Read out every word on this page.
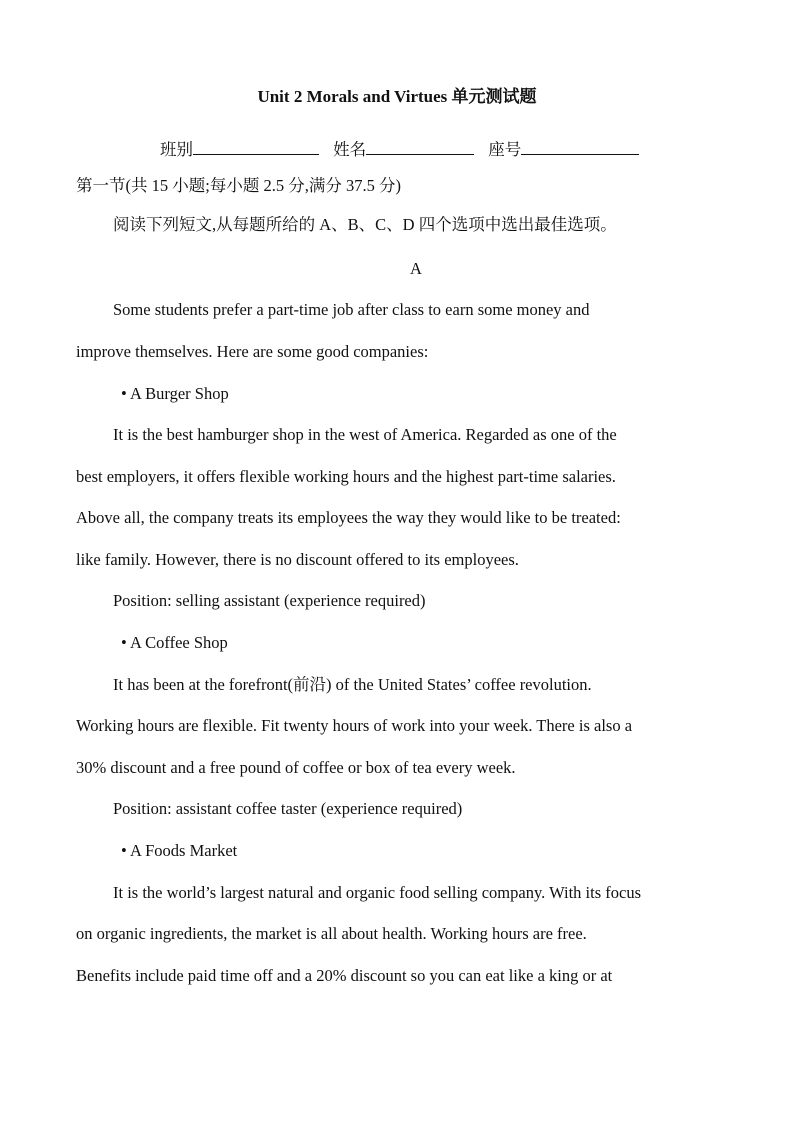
Unit 2 Morals and Virtues 单元测试题
班别	姓名	座号
第一节(共 15 小题;每小题 2.5 分,满分 37.5 分)
阅读下列短文,从每题所给的 A、B、C、D 四个选项中选出最佳选项。
A
Some students prefer a part-time job after class to earn some money and
improve themselves. Here are some good companies:
• A Burger Shop
It is the best hamburger shop in the west of America. Regarded as one of the
best employers, it offers flexible working hours and the highest part-time salaries.
Above all, the company treats its employees the way they would like to be treated:
like family. However, there is no discount offered to its employees.
Position: selling assistant (experience required)
• A Coffee Shop
It has been at the forefront(前沿) of the United States’ coffee revolution.
Working hours are flexible. Fit twenty hours of work into your week. There is also a
30% discount and a free pound of coffee or box of tea every week.
Position: assistant coffee taster (experience required)
• A Foods Market
It is the world’s largest natural and organic food selling company. With its focus
on organic ingredients, the market is all about health. Working hours are free.
Benefits include paid time off and a 20% discount so you can eat like a king or at
